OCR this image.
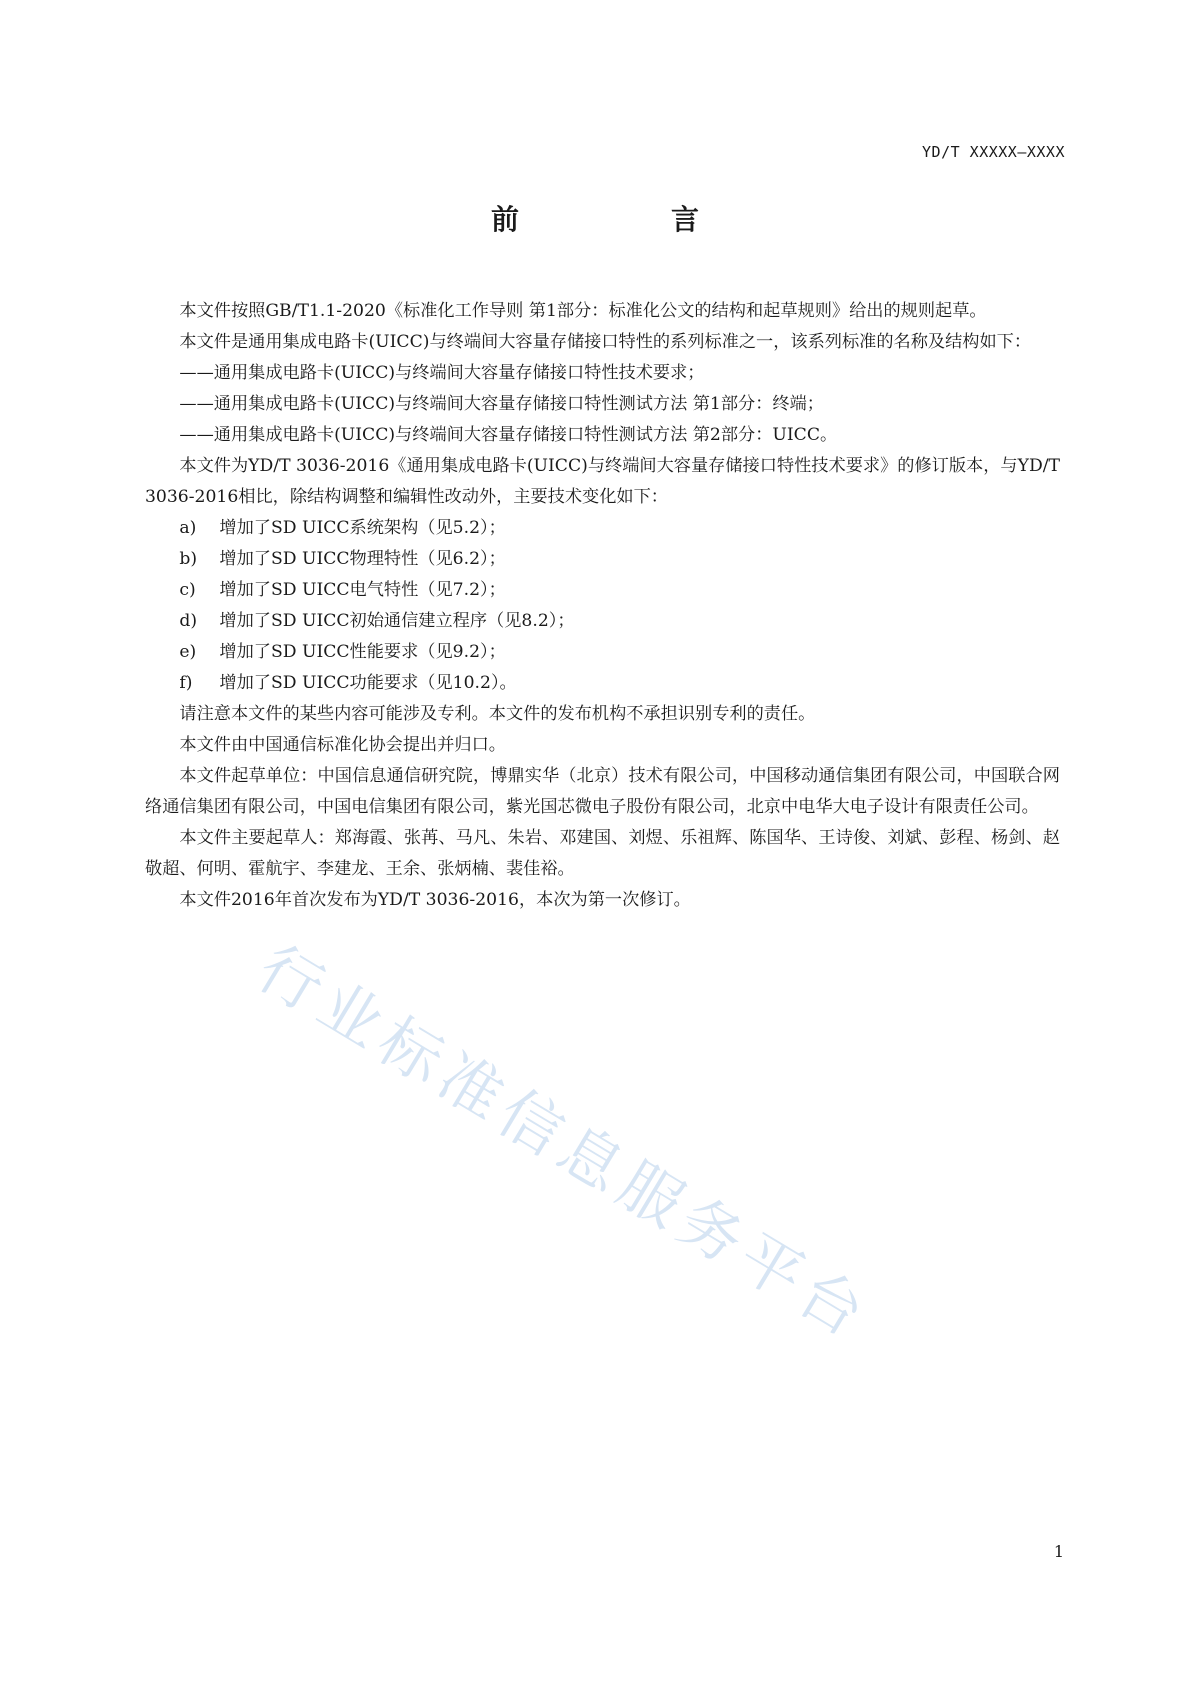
YD/T XXXXX—XXXX
前　言

本文件按照GB/T1.1-2020《标准化工作导则 第1部分：标准化公文的结构和起草规则》给出的规则起草。

本文件是通用集成电路卡(UICC)与终端间大容量存储接口特性的系列标准之一，该系列标准的名称及结构如下：

——通用集成电路卡(UICC)与终端间大容量存储接口特性技术要求；

——通用集成电路卡(UICC)与终端间大容量存储接口特性测试方法 第1部分：终端；

——通用集成电路卡(UICC)与终端间大容量存储接口特性测试方法 第2部分：UICC。

本文件为YD/T 3036-2016《通用集成电路卡(UICC)与终端间大容量存储接口特性技术要求》的修订版本，与YD/T 3036-2016相比，除结构调整和编辑性改动外，主要技术变化如下：

a) 增加了SD UICC系统架构（见5.2）；

b) 增加了SD UICC物理特性（见6.2）；

c) 增加了SD UICC电气特性（见7.2）；

d) 增加了SD UICC初始通信建立程序（见8.2）；

e) 增加了SD UICC性能要求（见9.2）；

f) 增加了SD UICC功能要求（见10.2）。

请注意本文件的某些内容可能涉及专利。本文件的发布机构不承担识别专利的责任。

本文件由中国通信标准化协会提出并归口。

本文件起草单位：中国信息通信研究院，博鼎实华（北京）技术有限公司，中国移动通信集团有限公司，中国联合网络通信集团有限公司，中国电信集团有限公司，紫光国芯微电子股份有限公司，北京中电华大电子设计有限责任公司。

本文件主要起草人：郑海霞、张苒、马凡、朱岩、邓建国、刘煜、乐祖辉、陈国华、王诗俊、刘斌、彭程、杨剑、赵敬超、何明、霍航宇、李建龙、王余、张炳楠、裴佳裕。

本文件2016年首次发布为YD/T 3036-2016，本次为第一次修订。

行业标准信息服务平台
1
